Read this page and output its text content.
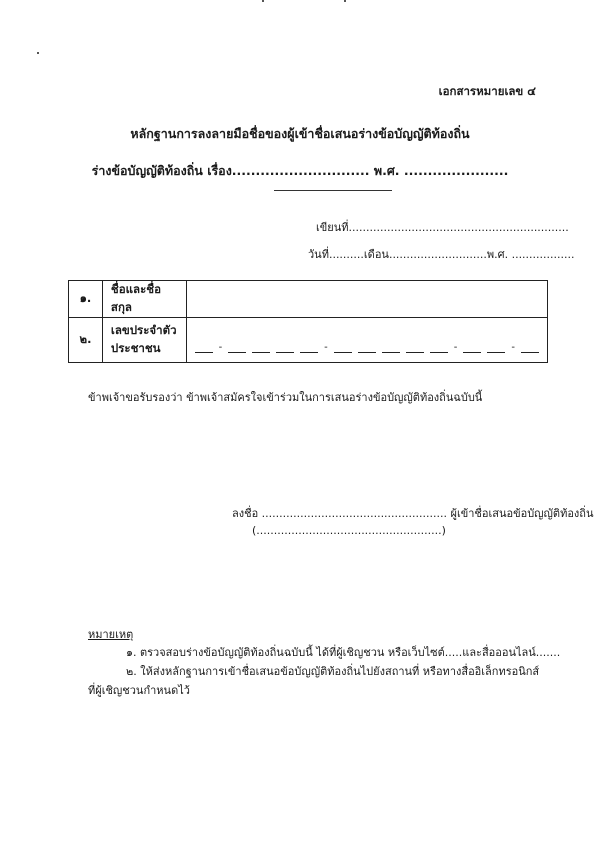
เอกสารหมายเลข ๔
หลักฐานการลงลายมือชื่อของผู้เข้าชื่อเสนอร่างข้อบัญญัติท้องถิ่น
ร่างข้อบัญญัติท้องถิ่น เรื่อง............................. พ.ศ. ......................
เขียนที่...............................................................
วันที่..........เดือน............................พ.ศ. ..................
๑.	ชื่อและชื่อสกุล	
๒.	เลขประจำตัว ประชาชน	- - - -
ข้าพเจ้าขอรับรองว่า ข้าพเจ้าสมัครใจเข้าร่วมในการเสนอร่างข้อบัญญัติท้องถิ่นฉบับนี้
ลงชื่อ ..................................................... ผู้เข้าชื่อเสนอข้อบัญญัติท้องถิ่น
(.....................................................)
หมายเหตุ
๑. ตรวจสอบร่างข้อบัญญัติท้องถิ่นฉบับนี้ ได้ที่ผู้เชิญชวน หรือเว็บไซต์.....และสื่อออนไลน์.......
๒. ให้ส่งหลักฐานการเข้าชื่อเสนอข้อบัญญัติท้องถิ่นไปยังสถานที่ หรือทางสื่ออิเล็กทรอนิกส์
ที่ผู้เชิญชวนกำหนดไว้
